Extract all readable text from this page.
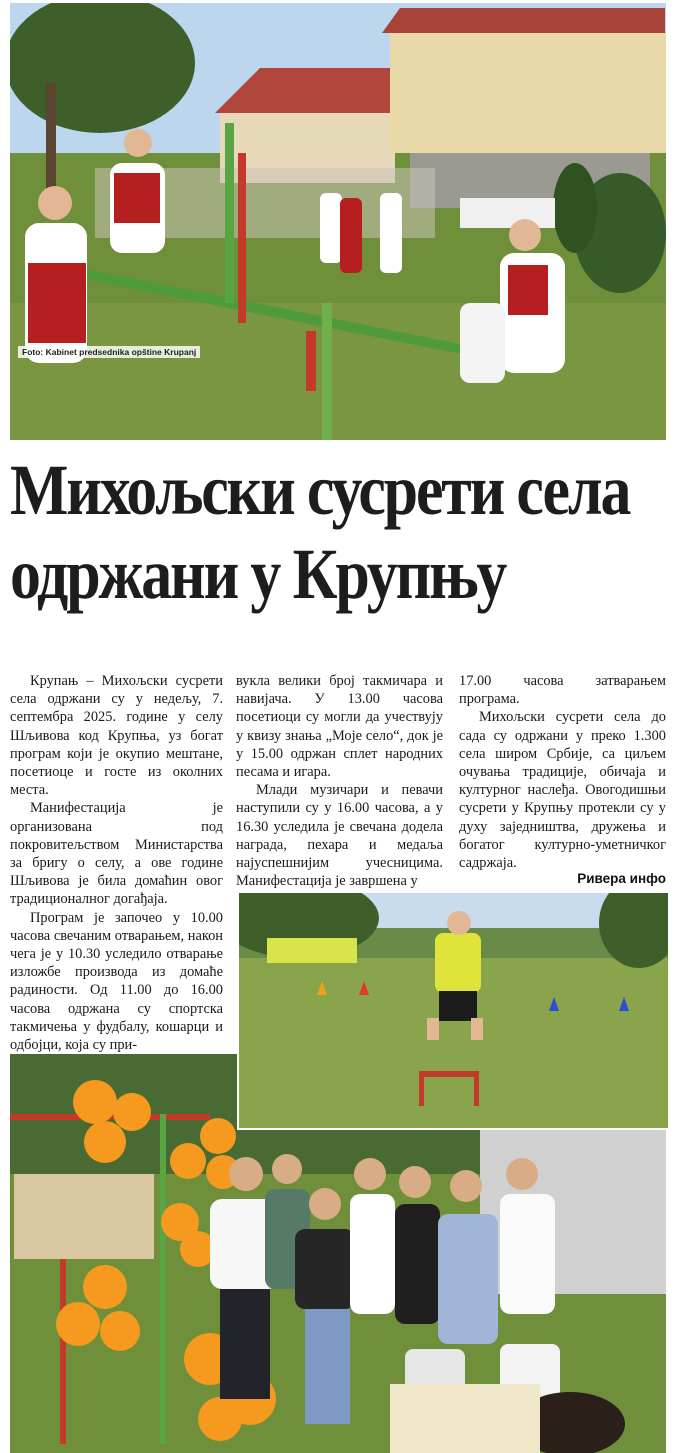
Foto: Kabinet predsednika opštine Krupanj
Михољски сусрети села
одржани у Крупњу

Крупањ – Михољски сусрети села одржани су у недељу, 7. септембра 2025. године у селу Шљивова код Крупња, уз богат програм који је окупио мештане, посетиоце и госте из околних места.

Манифестација је организована под покровитељством Министарства за бригу о селу, а ове године Шљивова је била домаћин овог традиционалног догађаја.

Програм је започео у 10.00 часова свечаним отварањем, након чега је у 10.30 уследило отварање изложбе производа из домаће радиности. Од 11.00 до 16.00 часова одржана су спортска такмичења у фудбалу, кошарци и одбојци, која су при-

вукла велики број такмичара и навијача. У 13.00 часова посетиоци су могли да учествују у квизу знања „Моје село“, док је у 15.00 одржан сплет народних песама и игара.

Млади музичари и певачи наступили су у 16.00 часова, а у 16.30 уследила је свечана додела награда, пехара и медаља најуспешнијим учесницима. Манифестација је завршена у

17.00 часова затварањем програма.

Михољски сусрети села до сада су одржани у преко 1.300 села широм Србије, са циљем очувања традиције, обичаја и културног наслеђа. Овогодишњи сусрети у Крупњу протекли су у духу заједништва, дружења и богатог културно-уметничког садржаја.

Ривера инфо
